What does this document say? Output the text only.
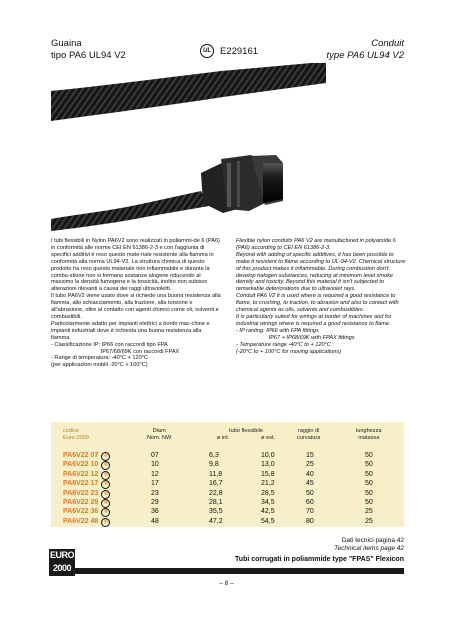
Guaina
tipo PA6 UL94 V2	UL E229161
Conduit
type PA6 UL94 V2

I tubi flessibili in Nylon PA6V2 sono realizzati in poliammi-de 6 (PA6) in conformità alle norme CEI EN 61386-2-3 e con l'aggiunta di specifici additivi è reso questo mate-riale resistente alla fiamma in conformità alla norma UL94-V2. La struttura chimica di questo prodotto ha reso questo materiale non infiammabile e durante la combu-stione non si formano sostanze alogene riducendo al massimo la densità fumogena e la tossicità, inoltre non subisce alterazioni rilevanti a causa dei raggi ultravioletti.

Il tubo PA6V2 viene usato dove si richiede una buona resistenza alla fiamma, allo schiacciamento, alla trazione, alla torsione e all'abrasione, oltre al contatto con agenti chimici come oli, solventi e combustibili.

Particolarmente adatto per impianti elettrici a bordo mac-chine e impianti industriali dove è richiesta una buona resistenza alla fiamma.

- Classificazione IP: IP66 con raccordi tipo FPA

IP67/68/69K con raccordi FPAX

- Range di temperatura: -40°C + 120°C

(per applicazioni mobili -20°C + 100°C)

Flexible nylon conduits PA6 V2 are manufactured in polyamide 6 (PA6) according to CEI EN 61386-2-3.

Beyond with adding of specific additives, it has been possible to make it resistent to flame according to UL-94-V2. Chemical structure of this product makes it inflammable. During combustion don't develop halogen substances, reducing at minimum level smoke density and toxicity. Beyond this material it isn't subjected to remarkable deteriorations due to ultraviolet rays.

Conduit PA6 V2 it is used where is required a good resistance to flame, to crushing, to traction, to abrasion and also to contact with chemical agents as oils, solvents and combustibles.

It is particularly suited for wirings at border of machines and for industrial wirings where is required a good resistance to flame.

- IP ranting: IP66 with FPA fittings

IP67 + IP68/69K with FPAX fittings

- Temperature range -40°C to + 120°C

(-20°C to + 100°C for moving applications)

codice
Euro 2000
Diam
Nom. NW
tubo flessibile
ø int.	ø est.
raggio di
curvatura
lunghezza
matassa
PA6V22 07 ®	07	6,3	10,0	15	50
PA6V22 10 ®	10	9,8	13,0	25	50
PA6V22 12 ®	12	11,8	15,8	40	50
PA6V22 17 ®	17	16,7	21,2	45	50
PA6V22 23 ®	23	22,8	28,5	50	50
PA6V22 29 ®	29	28,1	34,5	60	50
PA6V22 36 ®	36	35,5	42,5	70	25
PA6V22 48 ®	48	47,2	54,5	80	25
Dati tecnici pagina 42
Technical items page 42
EURO
2000
Tubi corrugati in poliammide type "FPAS" Flexicon
– 8 –
